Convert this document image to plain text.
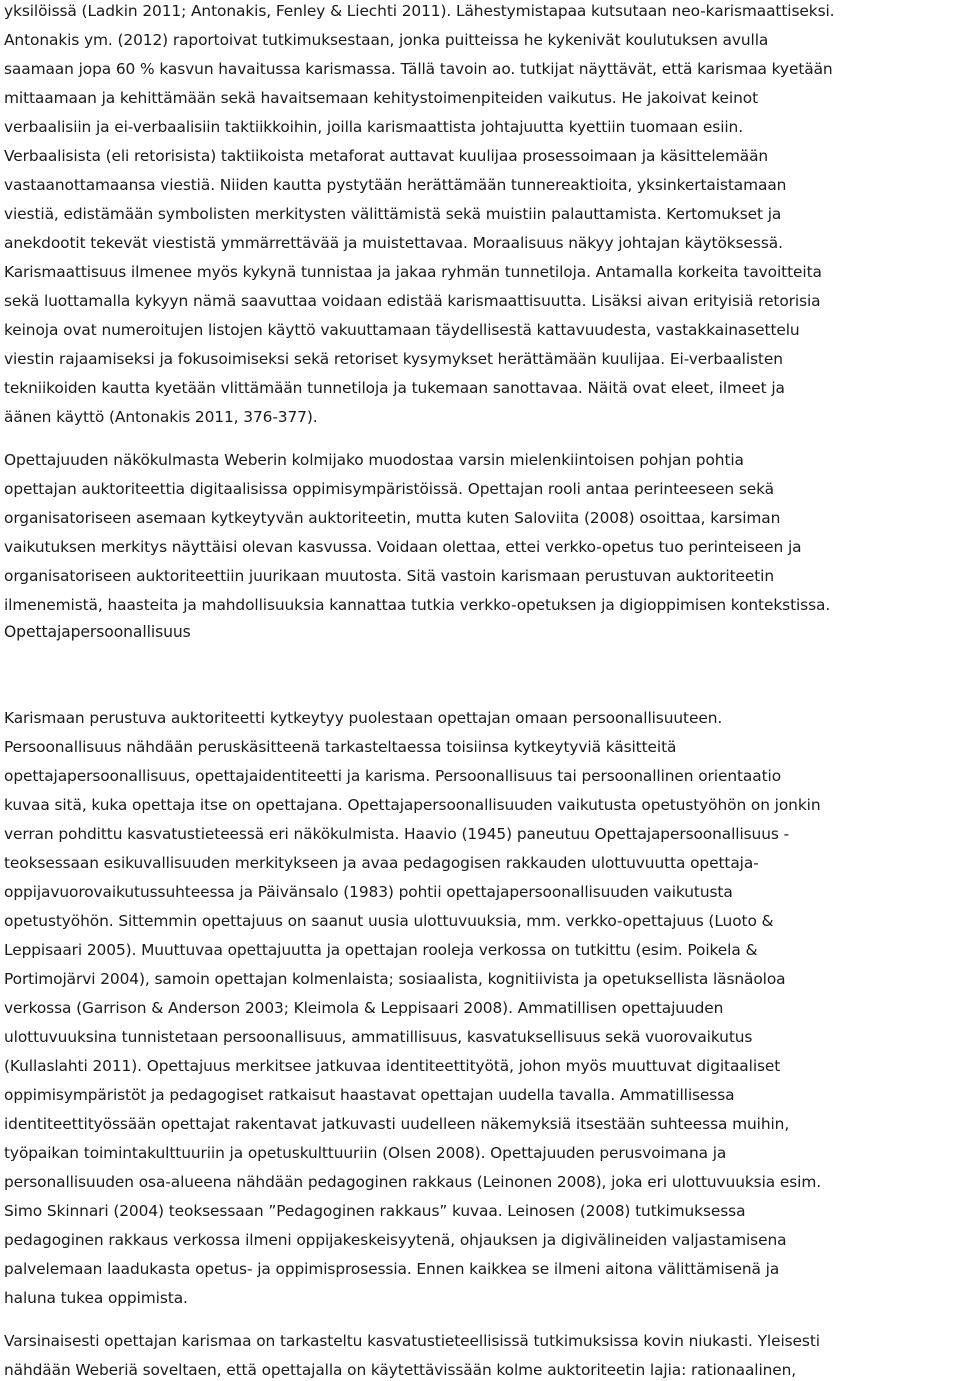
yksilöissä (Ladkin 2011; Antonakis, Fenley & Liechti 2011). Lähestymistapaa kutsutaan neo-karismaattiseksi.
Antonakis ym. (2012) raportoivat tutkimuksestaan, jonka puitteissa he kykenivät koulutuksen avulla
saamaan jopa 60 % kasvun havaitussa karismassa. Tällä tavoin ao. tutkijat näyttävät, että karismaa kyetään
mittaamaan ja kehittämään sekä havaitsemaan kehitystoimenpiteiden vaikutus. He jakoivat keinot
verbaalisiin ja ei-verbaalisiin taktiikkoihin, joilla karismaattista johtajuutta kyettiin tuomaan esiin.
Verbaalisista (eli retorisista) taktiikoista metaforat auttavat kuulijaa prosessoimaan ja käsittelemään
vastaanottamaansa viestiä. Niiden kautta pystytään herättämään tunnereaktioita, yksinkertaistamaan
viestiä, edistämään symbolisten merkitysten välittämistä sekä muistiin palauttamista. Kertomukset ja
anekdootit tekevät viestistä ymmärrettävää ja muistettavaa. Moraalisuus näkyy johtajan käytöksessä.
Karismaattisuus ilmenee myös kykynä tunnistaa ja jakaa ryhmän tunnetiloja. Antamalla korkeita tavoitteita
sekä luottamalla kykyyn nämä saavuttaa voidaan edistää karismaattisuutta. Lisäksi aivan erityisiä retorisia
keinoja ovat numeroitujen listojen käyttö vakuuttamaan täydellisestä kattavuudesta, vastakkainasettelu
viestin rajaamiseksi ja fokusoimiseksi sekä retoriset kysymykset herättämään kuulijaa. Ei-verbaalisten
tekniikoiden kautta kyetään vlittämään tunnetiloja ja tukemaan sanottavaa. Näitä ovat eleet, ilmeet ja
äänen käyttö (Antonakis 2011, 376-377).
Opettajuuden näkökulmasta Weberin kolmijako muodostaa varsin mielenkiintoisen pohjan pohtia
opettajan auktoriteettia digitaalisissa oppimisympäristöissä. Opettajan rooli antaa perinteeseen sekä
organisatoriseen asemaan kytkeytyvän auktoriteetin, mutta kuten Saloviita (2008) osoittaa, karsiman
vaikutuksen merkitys näyttäisi olevan kasvussa. Voidaan olettaa, ettei verkko-opetus tuo perinteiseen ja
organisatoriseen auktoriteettiin juurikaan muutosta. Sitä vastoin karismaan perustuvan auktoriteetin
ilmenemistä, haasteita ja mahdollisuuksia kannattaa tutkia verkko-opetuksen ja digioppimisen kontekstissa.
Opettajapersoonallisuus
Karismaan perustuva auktoriteetti kytkeytyy puolestaan opettajan omaan persoonallisuuteen.
Persoonallisuus nähdään peruskäsitteenä tarkasteltaessa toisiinsa kytkeytyviä käsitteitä
opettajapersoonallisuus, opettajaidentiteetti ja karisma. Persoonallisuus tai persoonallinen orientaatio
kuvaa sitä, kuka opettaja itse on opettajana. Opettajapersoonallisuuden vaikutusta opetustyöhön on jonkin
verran pohdittu kasvatustieteessä eri näkökulmista. Haavio (1945) paneutuu Opettajapersoonallisuus -
teoksessaan esikuvallisuuden merkitykseen ja avaa pedagogisen rakkauden ulottuvuutta opettaja-
oppijavuorovaikutussuhteessa ja Päivänsalo (1983) pohtii opettajapersoonallisuuden vaikutusta
opetustyöhön. Sittemmin opettajuus on saanut uusia ulottuvuuksia, mm. verkko-opettajuus (Luoto &
Leppisaari 2005). Muuttuvaa opettajuutta ja opettajan rooleja verkossa on tutkittu (esim. Poikela &
Portimojärvi 2004), samoin opettajan kolmenlaista; sosiaalista, kognitiivista ja opetuksellista läsnäoloa
verkossa (Garrison & Anderson 2003; Kleimola & Leppisaari 2008). Ammatillisen opettajuuden
ulottuvuuksina tunnistetaan persoonallisuus, ammatillisuus, kasvatuksellisuus sekä vuorovaikutus
(Kullaslahti 2011). Opettajuus merkitsee jatkuvaa identiteettityötä, johon myös muuttuvat digitaaliset
oppimisympäristöt ja pedagogiset ratkaisut haastavat opettajan uudella tavalla. Ammatillisessa
identiteettityössään opettajat rakentavat jatkuvasti uudelleen näkemyksiä itsestään suhteessa muihin,
työpaikan toimintakulttuuriin ja opetuskulttuuriin (Olsen 2008). Opettajuuden perusvoimana ja
personallisuuden osa-alueena nähdään pedagoginen rakkaus (Leinonen 2008), joka eri ulottuvuuksia esim.
Simo Skinnari (2004) teoksessaan ”Pedagoginen rakkaus” kuvaa. Leinosen (2008) tutkimuksessa
pedagoginen rakkaus verkossa ilmeni oppijakeskeisyytenä, ohjauksen ja digivälineiden valjastamisena
palvelemaan laadukasta opetus- ja oppimisprosessia. Ennen kaikkea se ilmeni aitona välittämisenä ja
haluna tukea oppimista.
Varsinaisesti opettajan karismaa on tarkasteltu kasvatustieteellisissä tutkimuksissa kovin niukasti. Yleisesti
nähdään Weberiä soveltaen, että opettajalla on käytettävissään kolme auktoriteetin lajia: rationaalinen,
